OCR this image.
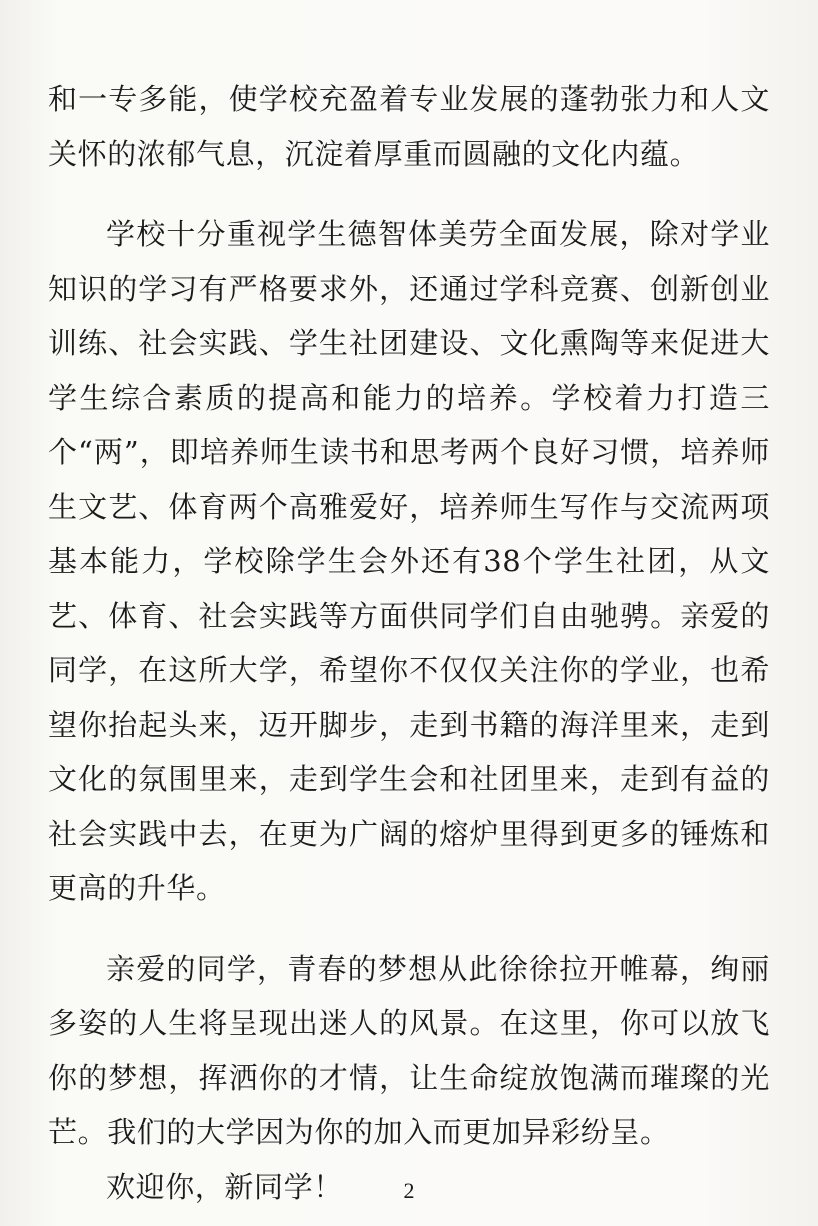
和一专多能，使学校充盈着专业发展的蓬勃张力和人文关怀的浓郁气息，沉淀着厚重而圆融的文化内蕴。

学校十分重视学生德智体美劳全面发展，除对学业知识的学习有严格要求外，还通过学科竞赛、创新创业训练、社会实践、学生社团建设、文化熏陶等来促进大学生综合素质的提高和能力的培养。学校着力打造三个“两”，即培养师生读书和思考两个良好习惯，培养师生文艺、体育两个高雅爱好，培养师生写作与交流两项基本能力，学校除学生会外还有38个学生社团，从文艺、体育、社会实践等方面供同学们自由驰骋。亲爱的同学，在这所大学，希望你不仅仅关注你的学业，也希望你抬起头来，迈开脚步，走到书籍的海洋里来，走到文化的氛围里来，走到学生会和社团里来，走到有益的社会实践中去，在更为广阔的熔炉里得到更多的锤炼和更高的升华。

亲爱的同学，青春的梦想从此徐徐拉开帷幕，绚丽多姿的人生将呈现出迷人的风景。在这里，你可以放飞你的梦想，挥洒你的才情，让生命绽放饱满而璀璨的光芒。我们的大学因为你的加入而更加异彩纷呈。

欢迎你，新同学！	2
